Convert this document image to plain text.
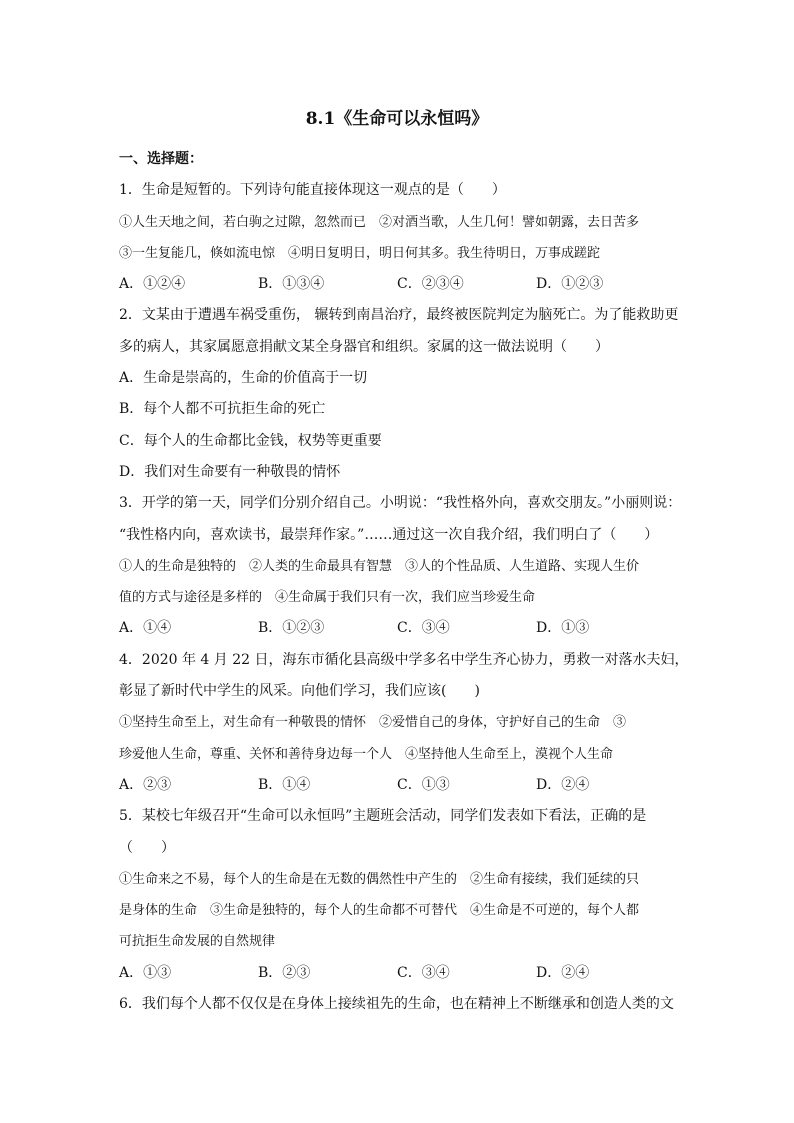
8.1《生命可以永恒吗》
一、选择题：
1．生命是短暂的。下列诗句能直接体现这一观点的是（　　）
①人生天地之间，若白驹之过隙，忽然而已　②对酒当歌，人生几何！譬如朝露，去日苦多
③一生复能几，倏如流电惊　④明日复明日，明日何其多。我生待明日，万事成蹉跎
A．①②④	B．①③④	C．②③④	D．①②③
2．文某由于遭遇车祸受重伤， 辗转到南昌治疗，最终被医院判定为脑死亡。为了能救助更
多的病人，其家属愿意捐献文某全身器官和组织。家属的这一做法说明（　　）
A．生命是崇高的，生命的价值高于一切
B．每个人都不可抗拒生命的死亡
C．每个人的生命都比金钱，权势等更重要
D．我们对生命要有一种敬畏的情怀
3．开学的第一天，同学们分别介绍自己。小明说：“我性格外向，喜欢交朋友。”小丽则说：
“我性格内向，喜欢读书，最崇拜作家。”……通过这一次自我介绍，我们明白了（　　）
①人的生命是独特的　②人类的生命最具有智慧　③人的个性品质、人生道路、实现人生价
值的方式与途径是多样的　④生命属于我们只有一次，我们应当珍爱生命
A．①④	B．①②③	C．③④	D．①③
4．2020 年 4 月 22 日，海东市循化县高级中学多名中学生齐心协力，勇救一对落水夫妇，
彰显了新时代中学生的风采。向他们学习，我们应该(　　)
①坚持生命至上，对生命有一种敬畏的情怀　②爱惜自己的身体，守护好自己的生命　③
珍爱他人生命，尊重、关怀和善待身边每一个人　④坚持他人生命至上，漠视个人生命
A．②③	B．①④	C．①③	D．②④
5．某校七年级召开“生命可以永恒吗”主题班会活动，同学们发表如下看法，正确的是
（　　）
①生命来之不易，每个人的生命是在无数的偶然性中产生的　②生命有接续，我们延续的只
是身体的生命　③生命是独特的，每个人的生命都不可替代　④生命是不可逆的，每个人都
可抗拒生命发展的自然规律
A．①③	B．②③	C．③④	D．②④
6．我们每个人都不仅仅是在身体上接续祖先的生命，也在精神上不断继承和创造人类的文
